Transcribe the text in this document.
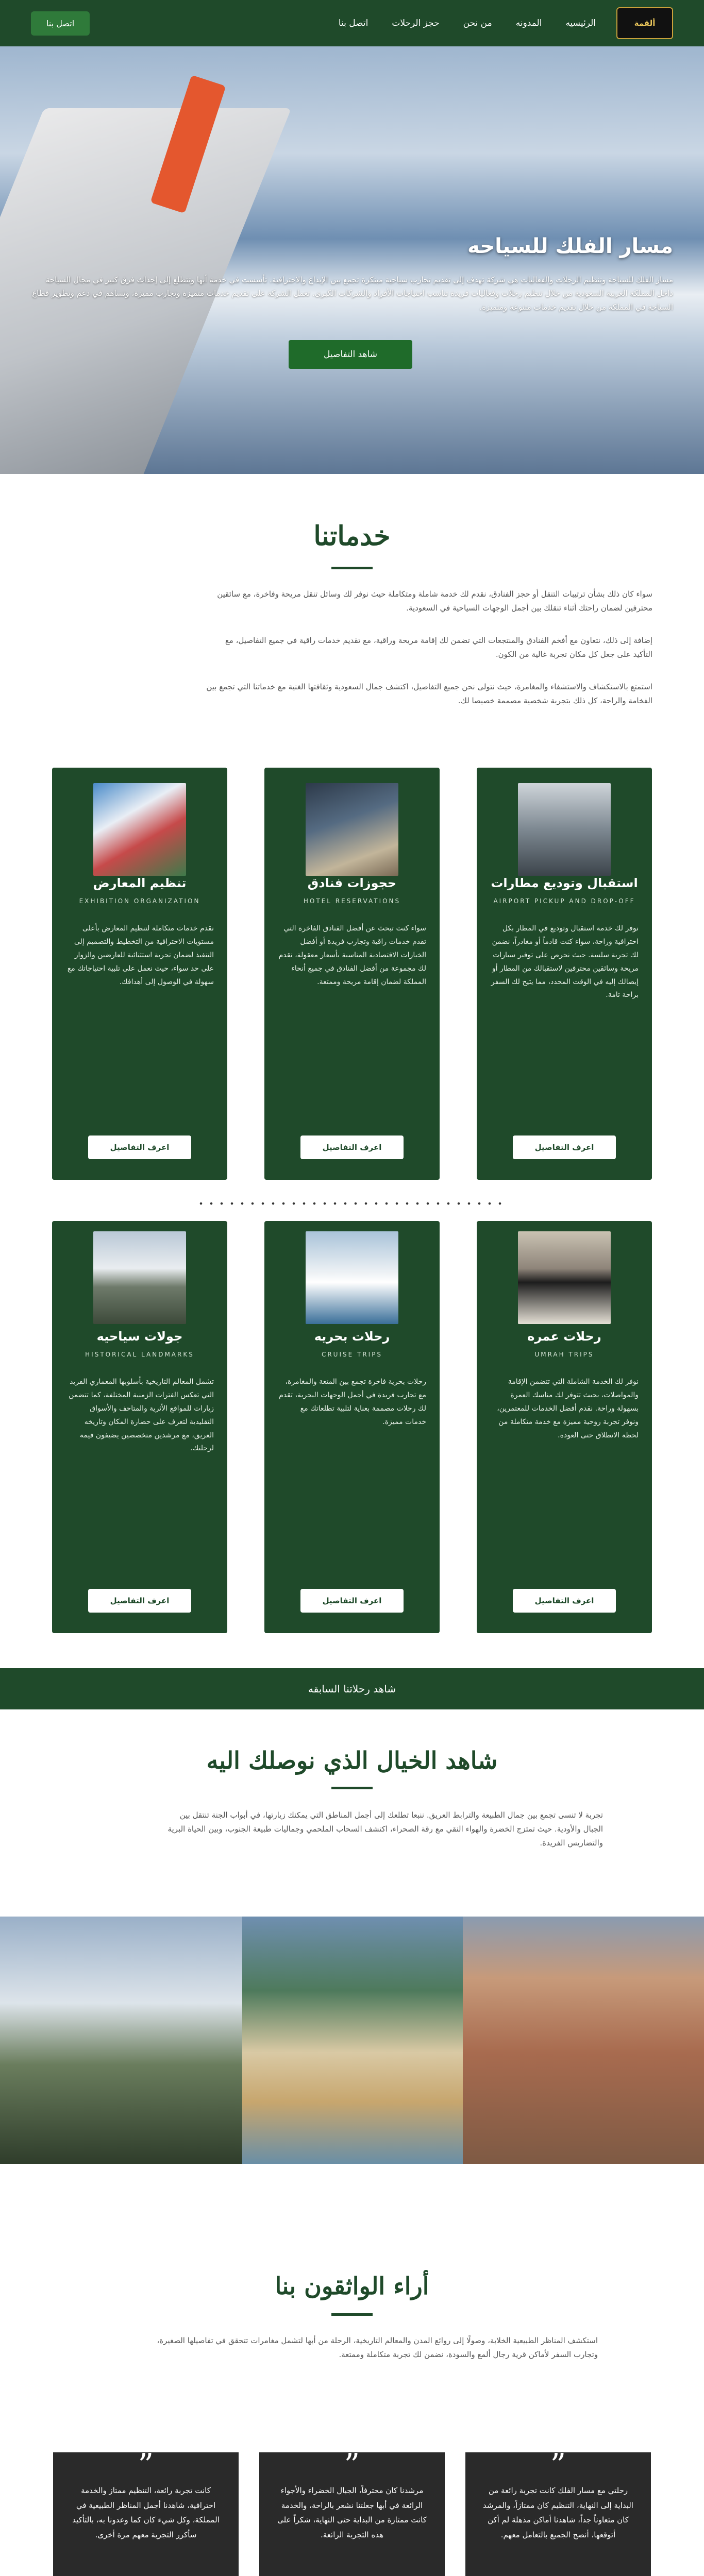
ألقمة
الرئيسيه
المدونه
من نحن
حجز الرحلات
اتصل بنا
اتصل بنا
مسار الفلك للسياحه

مسار الفلك للسياحة وتنظيم الرحلات والفعاليات هي شركة تهدف إلى تقديم تجارب سياحية مبتكرة تجمع بين الإبداع والاحترافية. تأسست في خدمة أبها وتتطلع إلى إحداث فرق كبير في مجال السياحة داخل المملكة العربية السعودية من خلال تنظيم رحلات وفعاليات فريدة تناسب احتياجات الأفراد والشركات الكبرى. تعمل الشركة على تقديم خدمات متميزة وتجارب مميزة، وتساهم في دعم وتطوير قطاع السياحة في المملكة من خلال تقديم خدمات متنوعة ومتميزة.

شاهد التفاصيل
خدماتنا

سواء كان ذلك بشأن ترتيبات التنقل أو حجز الفنادق، نقدم لك خدمة شاملة ومتكاملة حيث نوفر لك وسائل تنقل مريحة وفاخرة، مع سائقين محترفين لضمان راحتك أثناء تنقلك بين أجمل الوجهات السياحية في السعودية.

إضافة إلى ذلك، نتعاون مع أفخم الفنادق والمنتجعات التي تضمن لك إقامة مريحة وراقية، مع تقديم خدمات راقية في جميع التفاصيل، مع التأكيد على جعل كل مكان تجربة غالية من الكون.

استمتع بالاستكشاف والاستشفاء والمغامرة، حيث نتولى نحن جميع التفاصيل، اكتشف جمال السعودية وثقافتها الغنية مع خدماتنا التي تجمع بين الفخامة والراحة، كل ذلك بتجربة شخصية مصممة خصيصا لك.

استقبال وتوديع مطارات
AIRPORT PICKUP AND DROP-OFF

نوفر لك خدمة استقبال وتوديع في المطار بكل احترافية وراحة، سواء كنت قادماً أو مغادراً، نضمن لك تجربة سلسة. حيث نحرص على توفير سيارات مريحة وسائقين محترفين لاستقبالك من المطار أو إيصالك إليه في الوقت المحدد، مما يتيح لك السفر براحة تامة.

اعرف التفاصيل
حجوزات فنادق
HOTEL RESERVATIONS

سواء كنت تبحث عن أفضل الفنادق الفاخرة التي تقدم خدمات راقية وتجارب فريدة أو أفضل الخيارات الاقتصادية المناسبة بأسعار معقولة، نقدم لك مجموعة من أفضل الفنادق في جميع أنحاء المملكة لضمان إقامة مريحة وممتعة.

اعرف التفاصيل
تنظيم المعارض
EXHIBITION ORGANIZATION

نقدم خدمات متكاملة لتنظيم المعارض بأعلى مستويات الاحترافية من التخطيط والتصميم إلى التنفيذ لضمان تجربة استثنائية للعارضين والزوار على حد سواء، حيث نعمل على تلبية احتياجاتك مع سهولة في الوصول إلى أهدافك.

اعرف التفاصيل
رحلات عمره
UMRAH TRIPS

نوفر لك الخدمة الشاملة التي تتضمن الإقامة والمواصلات، بحيث تتوفر لك مناسك العمرة بسهولة وراحة. نقدم أفضل الخدمات للمعتمرين، ونوفر تجربة روحية مميزة مع خدمة متكاملة من لحظة الانطلاق حتى العودة.

اعرف التفاصيل
رحلات بحريه
CRUISE TRIPS

رحلات بحرية فاخرة تجمع بين المتعة والمغامرة، مع تجارب فريدة في أجمل الوجهات البحرية، تقدم لك رحلات مصممة بعناية لتلبية تطلعاتك مع خدمات مميزة.

اعرف التفاصيل
جولات سياحيه
HISTORICAL LANDMARKS

تشمل المعالم التاريخية بأسلوبها المعماري الفريد التي تعكس الفترات الزمنية المختلفة، كما تتضمن زيارات للمواقع الأثرية والمتاحف والأسواق التقليدية لتعرف على حضارة المكان وتاريخه العريق، مع مرشدين متخصصين يضيفون قيمة لرحلتك.

اعرف التفاصيل
شاهد رحلاتنا السابقه
شاهد الخيال الذي نوصلك اليه

تجربة لا تنسى تجمع بين جمال الطبيعة والترابط العريق. ننبعا تطلعك إلى أجمل المناطق التي يمكنك زيارتها، في أبواب الجنة تنتقل بين الجبال والأودية. حيث تمتزج الخضرة والهواء النقي مع رقة الصحراء، اكتشف السحاب الملحمي وجماليات طبيعة الجنوب، وبين الحياة البرية والتضاريس الفريدة.

أراء الواثقون بنا

استكشف المناظر الطبيعية الخلابة، وصولًا إلى روائع المدن والمعالم التاريخية، الرحلة من أبها لتشمل مغامرات تتحقق في تفاصيلها الصغيرة، وتجارب السفر لأماكن قرية رجال ألمع والسودة، نضمن لك تجربة متكاملة وممتعة.

”

رحلتي مع مسار الفلك كانت تجربة رائعة من البداية إلى النهاية، التنظيم كان ممتازاً، والمرشد كان متعاوناً جداً، شاهدنا أماكن مذهلة لم أكن أتوقعها، أنصح الجميع بالتعامل معهم.

”

مرشدنا كان محترفاً، الجبال الخضراء والأجواء الرائعة في أبها جعلتنا نشعر بالراحة، والخدمة كانت ممتازة من البداية حتى النهاية، شكراً على هذه التجربة الرائعة.

”

كانت تجربة رائعة، التنظيم ممتاز والخدمة احترافية، شاهدنا أجمل المناظر الطبيعية في المملكة، وكل شيء كان كما وعدونا به، بالتأكيد سأكرر التجربة معهم مرة أخرى.
